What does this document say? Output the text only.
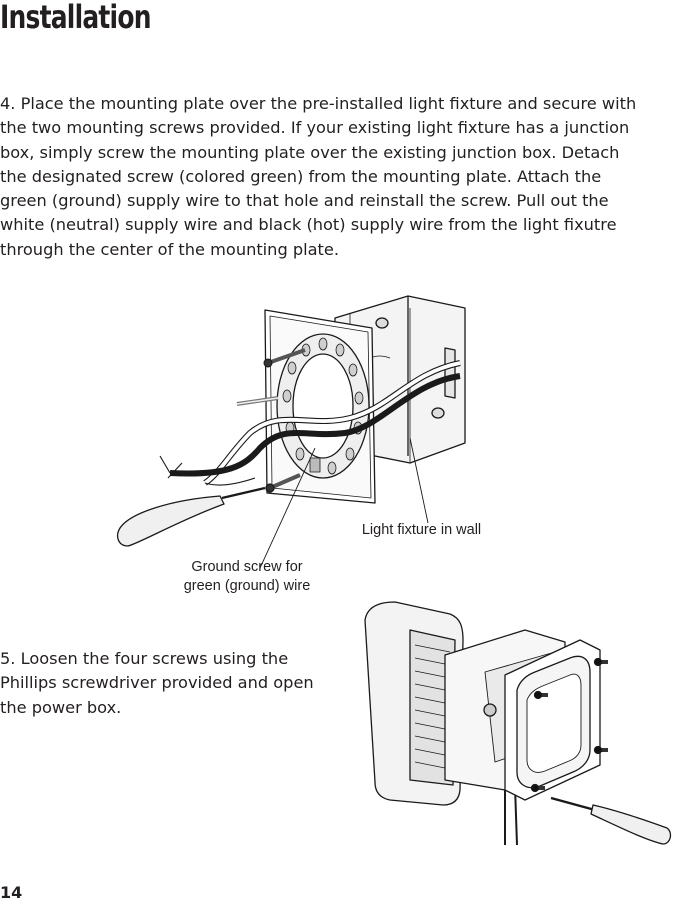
Installation

4. Place the mounting plate over the pre-installed light fixture and secure with
the two mounting screws provided. If your existing light fixture has a junction
box, simply screw the mounting plate over the existing junction box. Detach
the designated screw (colored green) from the mounting plate. Attach the
green (ground) supply wire to that hole and reinstall the screw. Pull out the
white (neutral) supply wire and black (hot) supply wire from the light fixutre
through the center of the mounting plate.

Light fixture in wall
Ground screw for
green (ground) wire

5. Loosen the four screws using the
Phillips screwdriver provided and open
the power box.

14
